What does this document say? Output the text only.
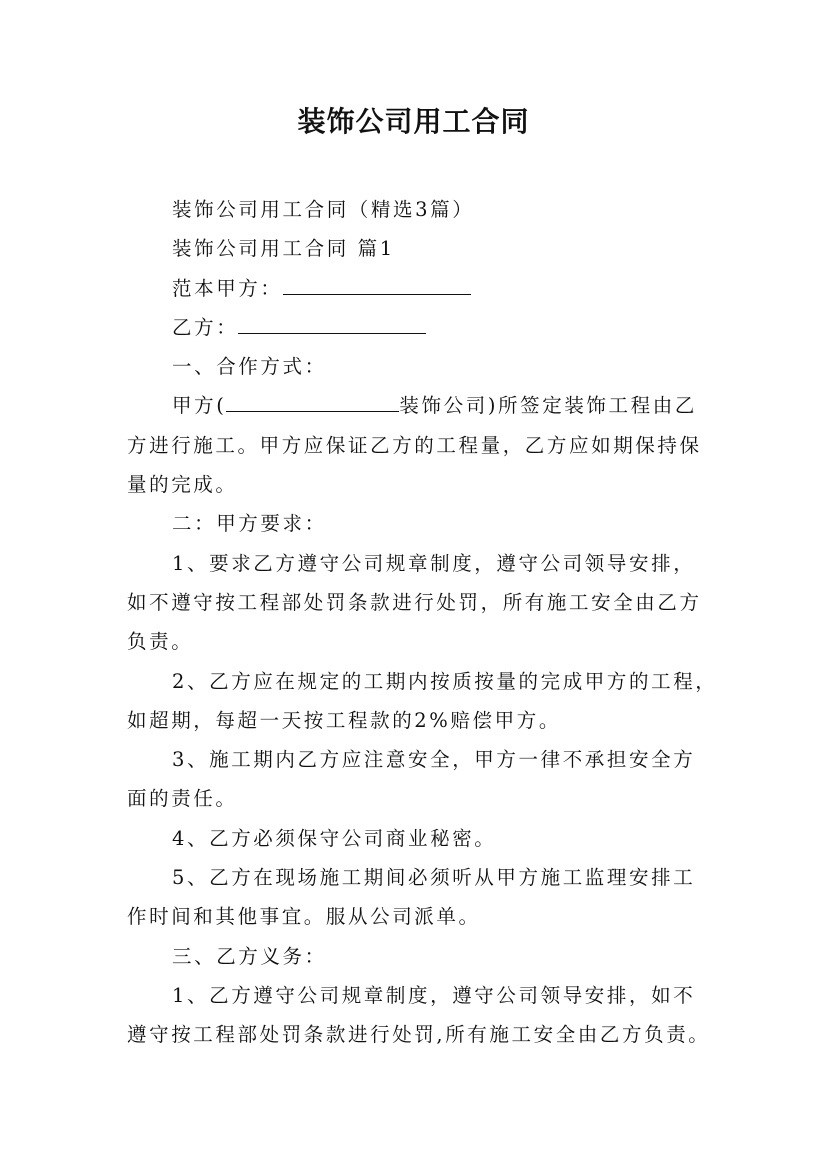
装饰公司用工合同
装饰公司用工合同（精选3篇）
装饰公司用工合同 篇1
范本甲方：
乙方：
一、合作方式：
甲方(	装饰公司)所签定装饰工程由乙
方进行施工。甲方应保证乙方的工程量，乙方应如期保持保
量的完成。
二：甲方要求：
1、要求乙方遵守公司规章制度，遵守公司领导安排，
如不遵守按工程部处罚条款进行处罚，所有施工安全由乙方
负责。
2、乙方应在规定的工期内按质按量的完成甲方的工程，
如超期，每超一天按工程款的2%赔偿甲方。
3、施工期内乙方应注意安全，甲方一律不承担安全方
面的责任。
4、乙方必须保守公司商业秘密。
5、乙方在现场施工期间必须听从甲方施工监理安排工
作时间和其他事宜。服从公司派单。
三、乙方义务：
1、乙方遵守公司规章制度，遵守公司领导安排，如不
遵守按工程部处罚条款进行处罚,所有施工安全由乙方负责。
